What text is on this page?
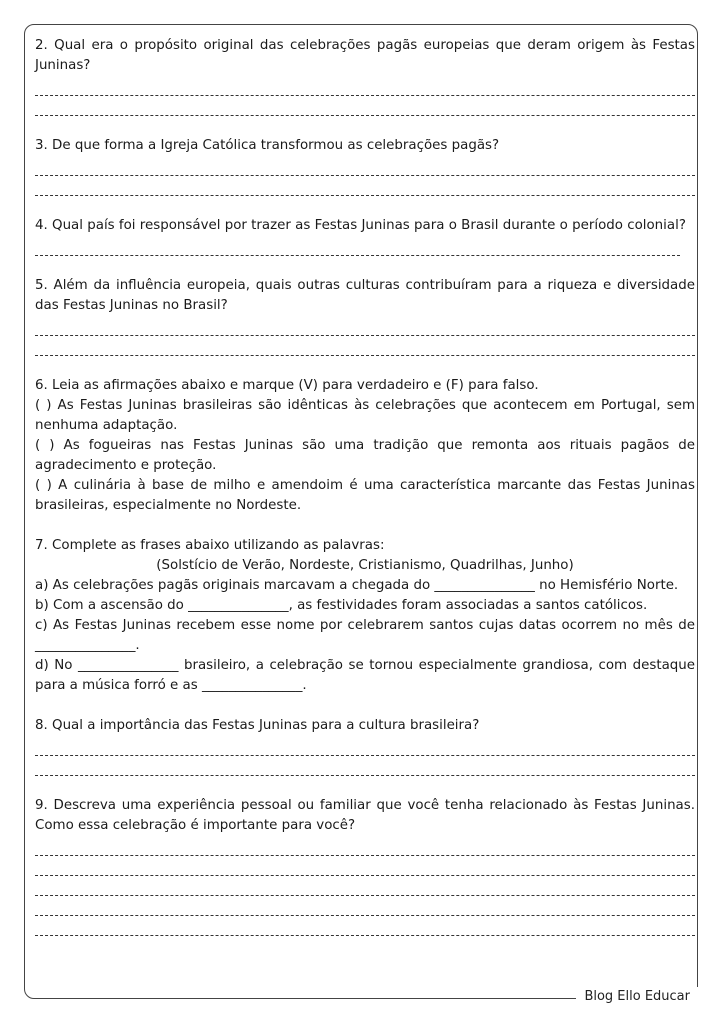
2. Qual era o propósito original das celebrações pagãs europeias que deram origem às Festas Juninas?

3. De que forma a Igreja Católica transformou as celebrações pagãs?

4. Qual país foi responsável por trazer as Festas Juninas para o Brasil durante o período colonial?

5. Além da influência europeia, quais outras culturas contribuíram para a riqueza e diversidade das Festas Juninas no Brasil?

6. Leia as afirmações abaixo e marque (V) para verdadeiro e (F) para falso.

( ) As Festas Juninas brasileiras são idênticas às celebrações que acontecem em Portugal, sem nenhuma adaptação.

( ) As fogueiras nas Festas Juninas são uma tradição que remonta aos rituais pagãos de agradecimento e proteção.

( ) A culinária à base de milho e amendoim é uma característica marcante das Festas Juninas brasileiras, especialmente no Nordeste.

7. Complete as frases abaixo utilizando as palavras:

(Solstício de Verão, Nordeste, Cristianismo, Quadrilhas, Junho)

a) As celebrações pagãs originais marcavam a chegada do _______________ no Hemisfério Norte.

b) Com a ascensão do _______________, as festividades foram associadas a santos católicos.

c) As Festas Juninas recebem esse nome por celebrarem santos cujas datas ocorrem no mês de _______________.

d) No _______________ brasileiro, a celebração se tornou especialmente grandiosa, com destaque para a música forró e as _______________.

8. Qual a importância das Festas Juninas para a cultura brasileira?

9. Descreva uma experiência pessoal ou familiar que você tenha relacionado às Festas Juninas. Como essa celebração é importante para você?

Blog Ello Educar
